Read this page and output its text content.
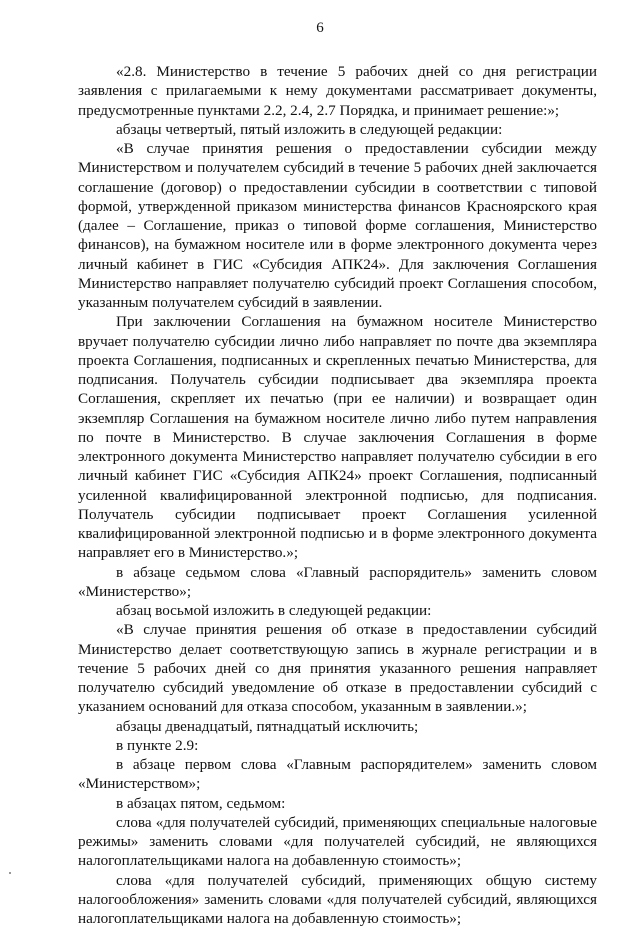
6

«2.8. Министерство в течение 5 рабочих дней со дня регистрации заявления с прилагаемыми к нему документами рассматривает документы, предусмотренные пунктами 2.2, 2.4, 2.7 Порядка, и принимает решение:»;

абзацы четвертый, пятый изложить в следующей редакции:

«В случае принятия решения о предоставлении субсидии между Министерством и получателем субсидий в течение 5 рабочих дней заключается соглашение (договор) о предоставлении субсидии в соответствии с типовой формой, утвержденной приказом министерства финансов Красноярского края (далее – Соглашение, приказ о типовой форме соглашения, Министерство финансов), на бумажном носителе или в форме электронного документа через личный кабинет в ГИС «Субсидия АПК24». Для заключения Соглашения Министерство направляет получателю субсидий проект Соглашения способом, указанным получателем субсидий в заявлении.

При заключении Соглашения на бумажном носителе Министерство вручает получателю субсидии лично либо направляет по почте два экземпляра проекта Соглашения, подписанных и скрепленных печатью Министерства, для подписания. Получатель субсидии подписывает два экземпляра проекта Соглашения, скрепляет их печатью (при ее наличии) и возвращает один экземпляр Соглашения на бумажном носителе лично либо путем направления по почте в Министерство. В случае заключения Соглашения в форме электронного документа Министерство направляет получателю субсидии в его личный кабинет ГИС «Субсидия АПК24» проект Соглашения, подписанный усиленной квалифицированной электронной подписью, для подписания. Получатель субсидии подписывает проект Соглашения усиленной квалифицированной электронной подписью и в форме электронного документа направляет его в Министерство.»;

в абзаце седьмом слова «Главный распорядитель» заменить словом «Министерство»;

абзац восьмой изложить в следующей редакции:

«В случае принятия решения об отказе в предоставлении субсидий Министерство делает соответствующую запись в журнале регистрации и в течение 5 рабочих дней со дня принятия указанного решения направляет получателю субсидий уведомление об отказе в предоставлении субсидий с указанием оснований для отказа способом, указанным в заявлении.»;

абзацы двенадцатый, пятнадцатый исключить;

в пункте 2.9:

в абзаце первом слова «Главным распорядителем» заменить словом «Министерством»;

в абзацах пятом, седьмом:

слова «для получателей субсидий, применяющих специальные налоговые режимы» заменить словами «для получателей субсидий, не являющихся налогоплательщиками налога на добавленную стоимость»;

слова «для получателей субсидий, применяющих общую систему налогообложения» заменить словами «для получателей субсидий, являющихся налогоплательщиками налога на добавленную стоимость»;
